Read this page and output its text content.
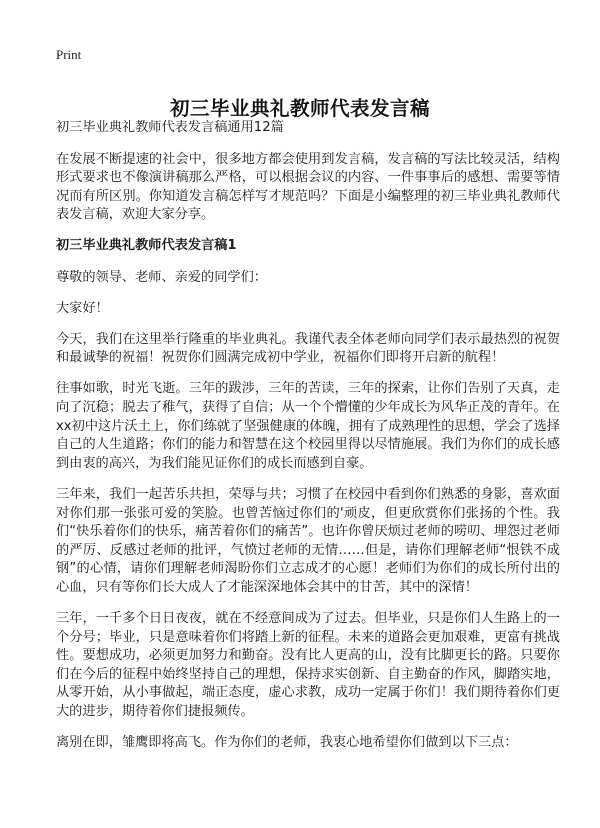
Print
初三毕业典礼教师代表发言稿

初三毕业典礼教师代表发言稿通用12篇

在发展不断提速的社会中，很多地方都会使用到发言稿，发言稿的写法比较灵活，结构形式要求也不像演讲稿那么严格，可以根据会议的内容、一件事事后的感想、需要等情况而有所区别。你知道发言稿怎样写才规范吗？下面是小编整理的初三毕业典礼教师代表发言稿，欢迎大家分享。

初三毕业典礼教师代表发言稿1

尊敬的领导、老师、亲爱的同学们：

大家好！

今天，我们在这里举行隆重的毕业典礼。我谨代表全体老师向同学们表示最热烈的祝贺和最诚挚的祝福！祝贺你们圆满完成初中学业，祝福你们即将开启新的航程！

往事如歌，时光飞逝。三年的跋涉，三年的苦读，三年的探索，让你们告别了天真，走向了沉稳；脱去了稚气，获得了自信；从一个个懵懂的少年成长为风华正茂的青年。在xx初中这片沃土上，你们练就了坚强健康的体魄，拥有了成熟理性的思想，学会了选择自己的人生道路；你们的能力和智慧在这个校园里得以尽情施展。我们为你们的成长感到由衷的高兴，为我们能见证你们的成长而感到自豪。

三年来，我们一起苦乐共担，荣辱与共；习惯了在校园中看到你们熟悉的身影，喜欢面对你们那一张张可爱的笑脸。也曾苦恼过你们的'顽皮，但更欣赏你们张扬的个性。我们“快乐着你们的快乐，痛苦着你们的痛苦”。也许你曾厌烦过老师的唠叨、埋怨过老师的严厉、反感过老师的批评，气愤过老师的无情……但是，请你们理解老师“恨铁不成钢”的心情，请你们理解老师渴盼你们立志成才的心愿！老师们为你们的成长所付出的心血，只有等你们长大成人了才能深深地体会其中的甘苦，其中的深情！

三年，一千多个日日夜夜，就在不经意间成为了过去。但毕业，只是你们人生路上的一个分号；毕业，只是意味着你们将踏上新的征程。未来的道路会更加艰难，更富有挑战性。要想成功，必须更加努力和勤奋。没有比人更高的山，没有比脚更长的路。只要你们在今后的征程中始终坚持自己的理想，保持求实创新、自主勤奋的作风，脚踏实地，从零开始，从小事做起，端正态度，虚心求教，成功一定属于你们！我们期待着你们更大的进步，期待着你们捷报频传。

离别在即，雏鹰即将高飞。作为你们的老师，我衷心地希望你们做到以下三点：
